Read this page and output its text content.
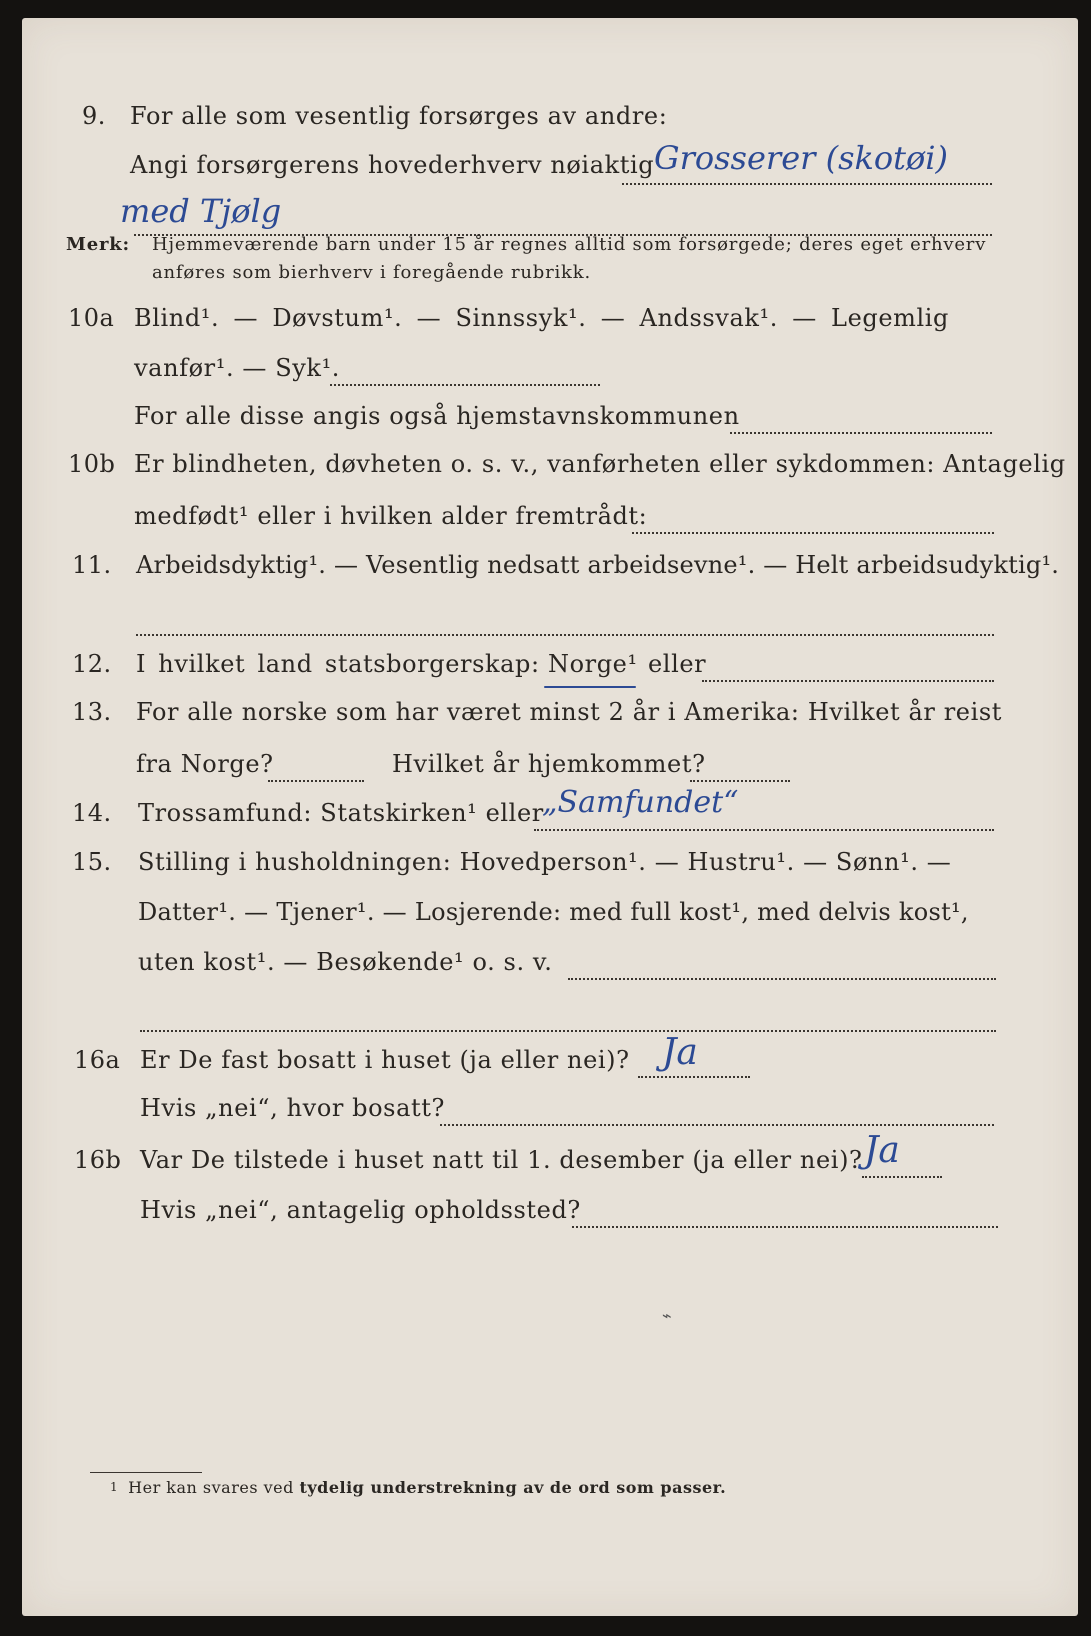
9. For alle som vesentlig forsørges av andre:
Angi forsørgerens hovederhverv nøiaktig Grosserer (skotøi)
med Tjølg
Merk: Hjemmeværende barn under 15 år regnes alltid som forsørgede; deres eget erhverv
anføres som bierhverv i foregående rubrikk.
10a Blind¹. — Døvstum¹. — Sinnssyk¹. — Andssvak¹. — Legemlig
vanfør¹. — Syk¹.
For alle disse angis også hjemstavnskommunen
10b Er blindheten, døvheten o. s. v., vanførheten eller sykdommen: Antagelig
medfødt¹ eller i hvilken alder fremtrådt:
11. Arbeidsdyktig¹. — Vesentlig nedsatt arbeidsevne¹. — Helt arbeidsudyktig¹.
12. I hvilket land statsborgerskap: Norge¹ eller
13. For alle norske som har været minst 2 år i Amerika: Hvilket år reist
fra Norge?	Hvilket år hjemkommet?
14. Trossamfund: Statskirken¹ eller
„Samfundet“
15. Stilling i husholdningen: Hovedperson¹. — Hustru¹. — Sønn¹. —
Datter¹. — Tjener¹. — Losjerende: med full kost¹, med delvis kost¹,
uten kost¹. — Besøkende¹ o. s. v.
16a Er De fast bosatt i huset (ja eller nei)? Ja
Hvis „nei“, hvor bosatt?
16b Var De tilstede i huset natt til 1. desember (ja eller nei)? Ja
Hvis „nei“, antagelig opholdssted?
⌁
1 Her kan svares ved tydelig understrekning av de ord som passer.
